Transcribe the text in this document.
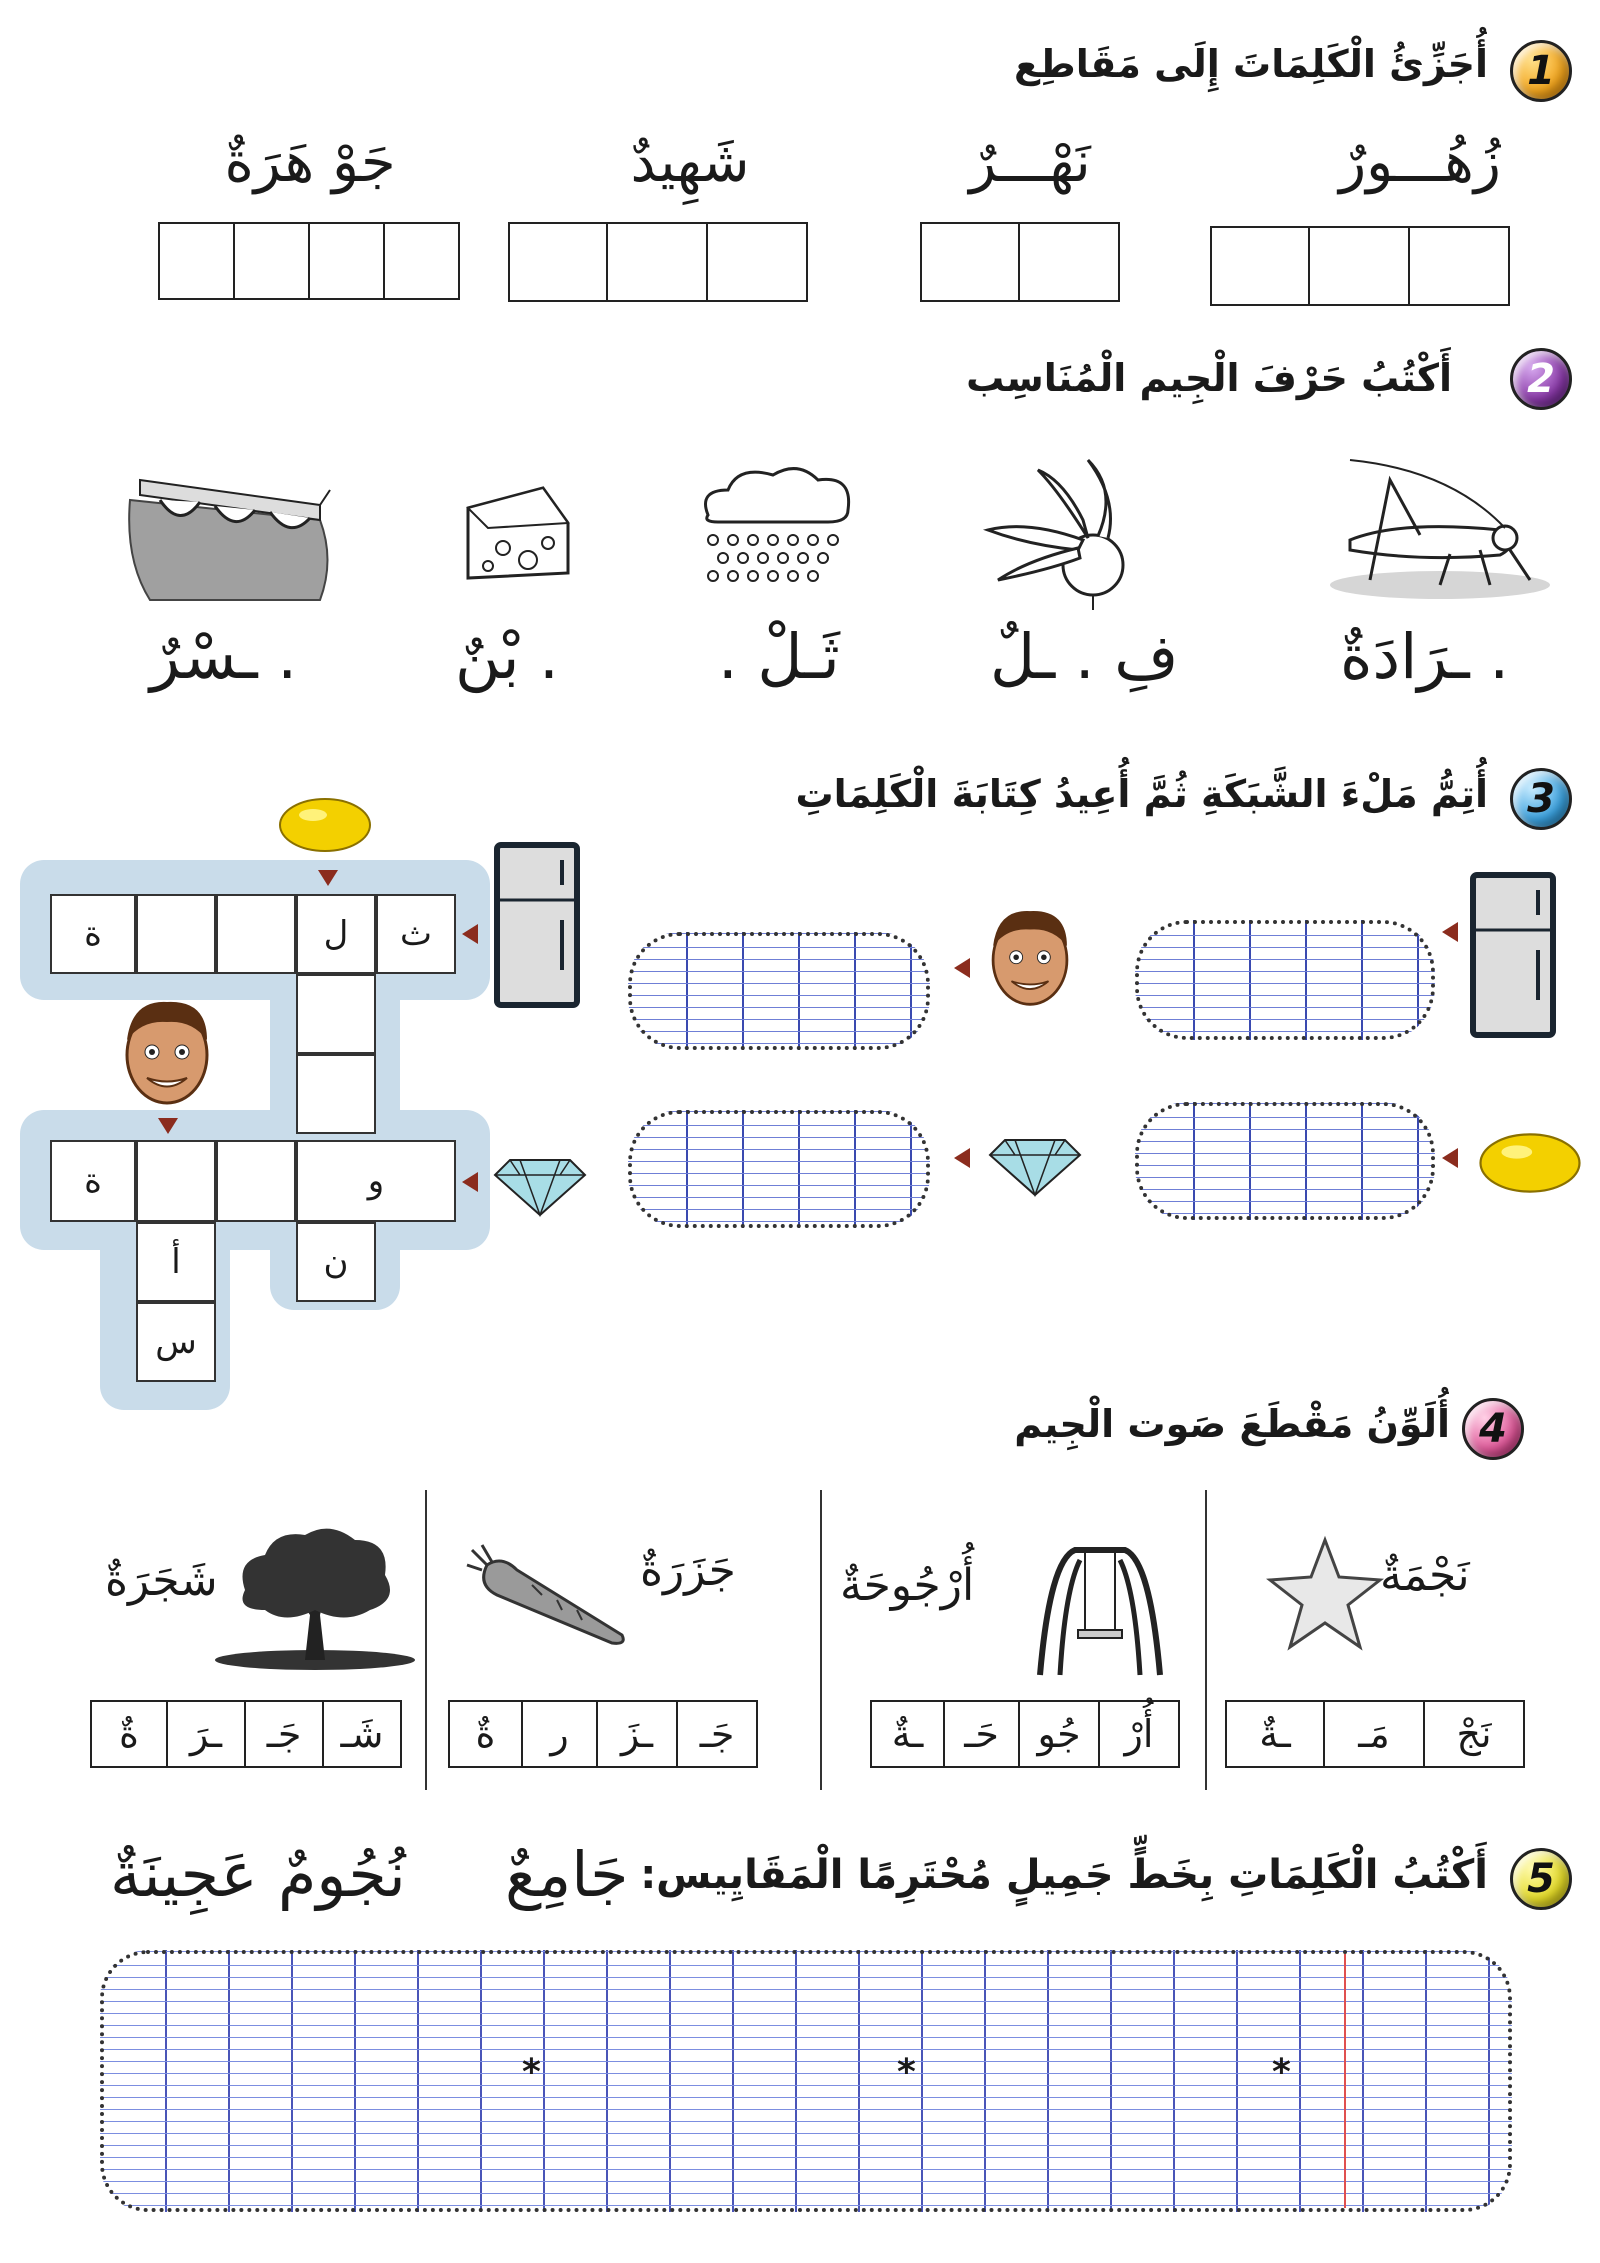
1
أُجَزِّئُ الْكَلِمَاتَ إِلَى مَقَاطِع
زُهُـــورٌ
نَهْـــرٌ
شَهِيدٌ
جَوْ هَرَةٌ
2
أَكْتُبُ حَرْفَ الْجِيم الْمُنَاسِب
. ـرَادَةٌ
فِ . ـلٌ
ثَـلْ .
. بْنٌ
. ـسْرٌ
3
أُتِمُّ مَلْءَ الشَّبَكَةِ ثُمَّ أُعِيدُ كِتَابَةَ الْكَلِمَاتِ
ث
ل
ة
و
ة
ن
أ
س
4
أُلَوِّنُ مَقْطَعَ صَوت الْجِيم
نَجْمَةٌ
نَجْ
مَـ
ـةٌ
أُرْجُوحَةٌ
أُرْ
جُو
حَـ
ـةٌ
جَزَرَةٌ
جَـ
ـزَ
ر
ةٌ
شَجَرَةٌ
شَـ
جَـ
ـرَ
ةٌ
5
أَكْتُبُ الْكَلِمَاتِ بِخَطٍّ جَمِيلٍ مُحْتَرِمًا الْمَقَايِيس:
جَامِعٌ
نُجُومٌ
عَجِينَةٌ
*	*	*
